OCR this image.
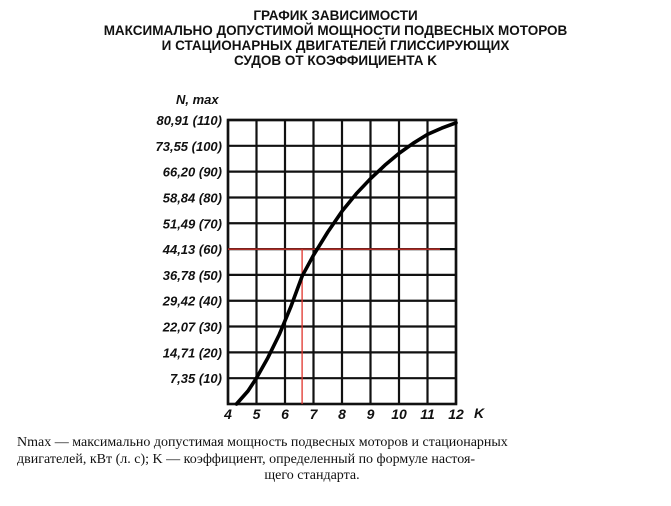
ГРАФИК ЗАВИСИМОСТИ
МАКСИМАЛЬНО ДОПУСТИМОЙ МОЩНОСТИ ПОДВЕСНЫХ МОТОРОВ
И СТАЦИОНАРНЫХ ДВИГАТЕЛЕЙ ГЛИССИРУЮЩИХ
СУДОВ ОТ КОЭФФИЦИЕНТА K
7,35 (10)
14,71 (20)
22,07 (30)
29,42 (40)
36,78 (50)
44,13 (60)
51,49 (70)
58,84 (80)
66,20 (90)
73,55 (100)
80,91 (110)
4 5 6 7 8 9 10 11 12
N, max
K
Nmax — максимально допустимая мощность подвесных моторов и стационарных
двигателей, кВт (л. с); K — коэффициент, определенный по формуле настоя-
щего стандарта.
